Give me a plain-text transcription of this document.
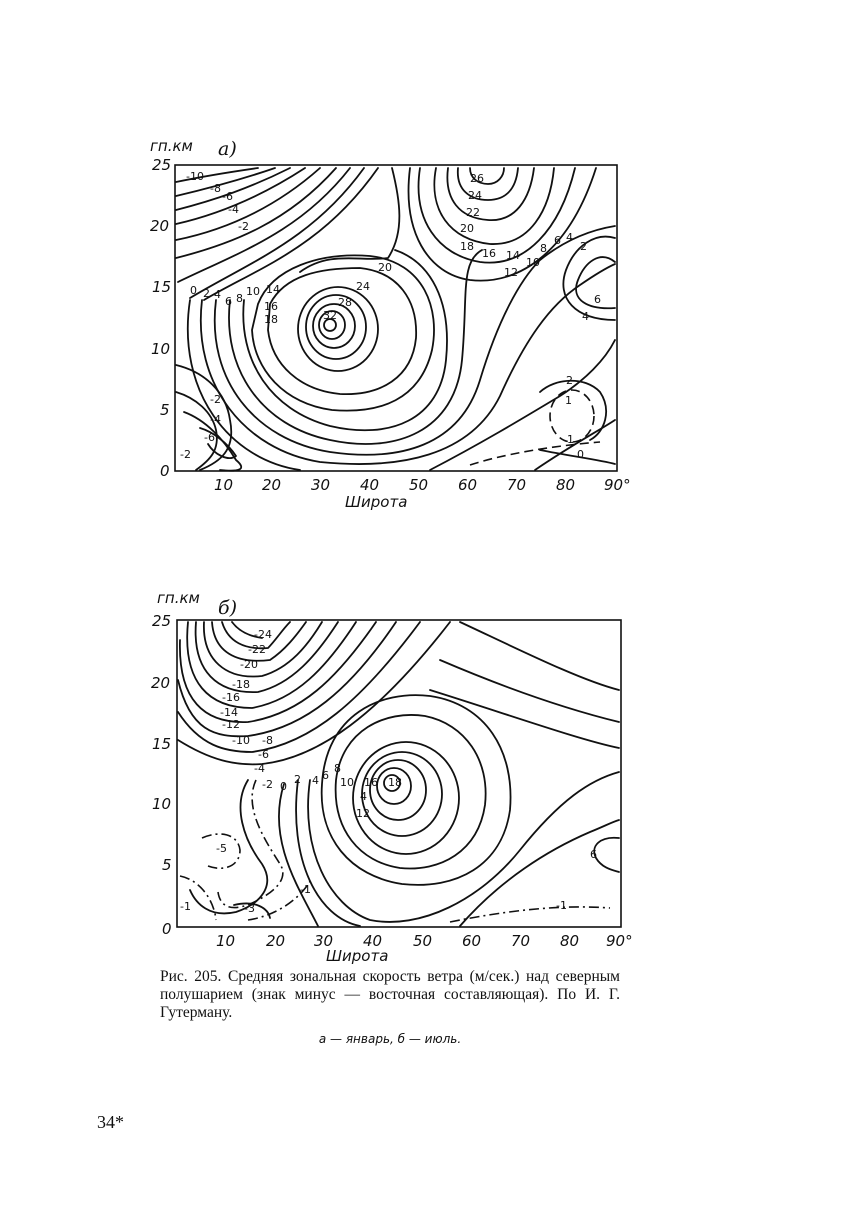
гп.км а)
25
20
15
10
5
0
10 20 30 40 50 60 70 80 90°
Широта
-10
-8
-6
-4
-2
0 2 4
6 8
10 14
16
18
20
24
28
32
26
24
22
20
18
16 14
12
10
8
6 4
2
6
4
-2
-4
-6
-2
2
1
1
0
гп.км б)
25
20
15
10
5
0
10 20 30 40 50 60 70 80 90°
-24
-22
-20
-18
-16
-14
-12
-10 -8
-6
-4
-2 0
2 4 6
8
10 16 18
4
12
6
-5
-1	-3
-1
-1
Широта
Рис. 205. Средняя зональная скорость ветра (м/сек.) над северным полушарием (знак минус — восточная составляющая). По И. Г. Гутерману.
а — январь, б — июль.
34*
